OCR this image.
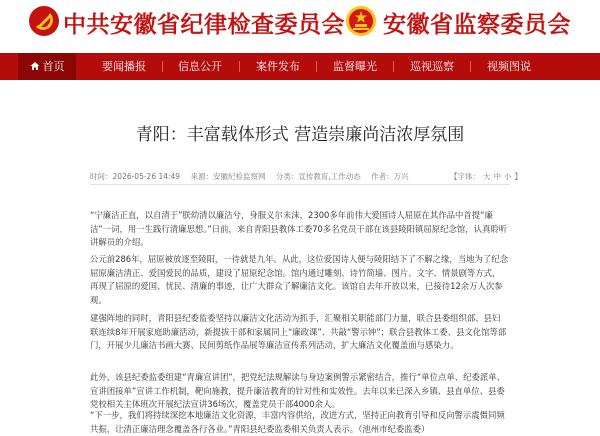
中共安徽省纪律检查委员会 安徽省监察委员会
首页	要闻播报	信息公开	案件发布	监督曝光	巡视巡察	视频图说
青阳：丰富载体形式 营造崇廉尚洁浓厚氛围
时间：2026-05-26 14:49 来源：安徽纪检监察网 分类：宣传教育,工作动态 作者：万兴	【字体： 大 中 小 】

“宁廉洁正直，以自清于”朕幼清以廉洁兮，身服义尔未沫，2300多年前伟大爱国诗人屈原在其作品中首提“廉洁”一词，用一生践行清廉思想。”日前，来自青阳县教体工委70多名党员干部在该县陵阳镇屈原纪念馆，认真聆听讲解员的介绍。

公元前286年，屈原被放逐至陵阳，一待就是九年。从此，这位爱国诗人便与陵阳结下了不解之缘，当地为了纪念屈原廉洁清正、爱国爱民的品质，建设了屈原纪念馆。馆内通过雕刻、诗竹简墙、图片、文字、情景剧等方式，再现了屈原的爱国、忧民、清廉的事迹，让广大群众了解廉洁文化。该馆自去年开放以来，已接待12余万人次参观。

建强阵地的同时，青阳县纪委监委坚持以廉洁文化活动为抓手，汇聚相关职能部门力量，联合县委组织部、县妇联连续8年开展家庭助廉活动，新提拔干部和家属同上“廉政课”、共敲“警示钟”；联合县教体工委、县文化馆等部门，开展少儿廉洁书画大赛、民间剪纸作品展等廉洁宣传系列活动，扩大廉洁文化覆盖面与感染力。
此外，该县纪委监委组建“青廉宣讲团”，把党纪法规解读与身边案例警示紧密结合，推行“单位点单、纪委派单、宣讲团接单”宣讲工作机制，靶向施教，提升廉洁教育的针对性和实效性。去年以来已深入乡镇、县直单位、县委党校相关主体班次开展纪法宣讲36场次，覆盖党员干部4000余人。
“下一步，我们将持续深挖本地廉洁文化资源，丰富内容供给，改进方式，坚持正向教育引导和反向警示震慑同频共振，让清正廉洁理念覆盖各行各业。”青阳县纪委监委相关负责人表示。（池州市纪委监委）
